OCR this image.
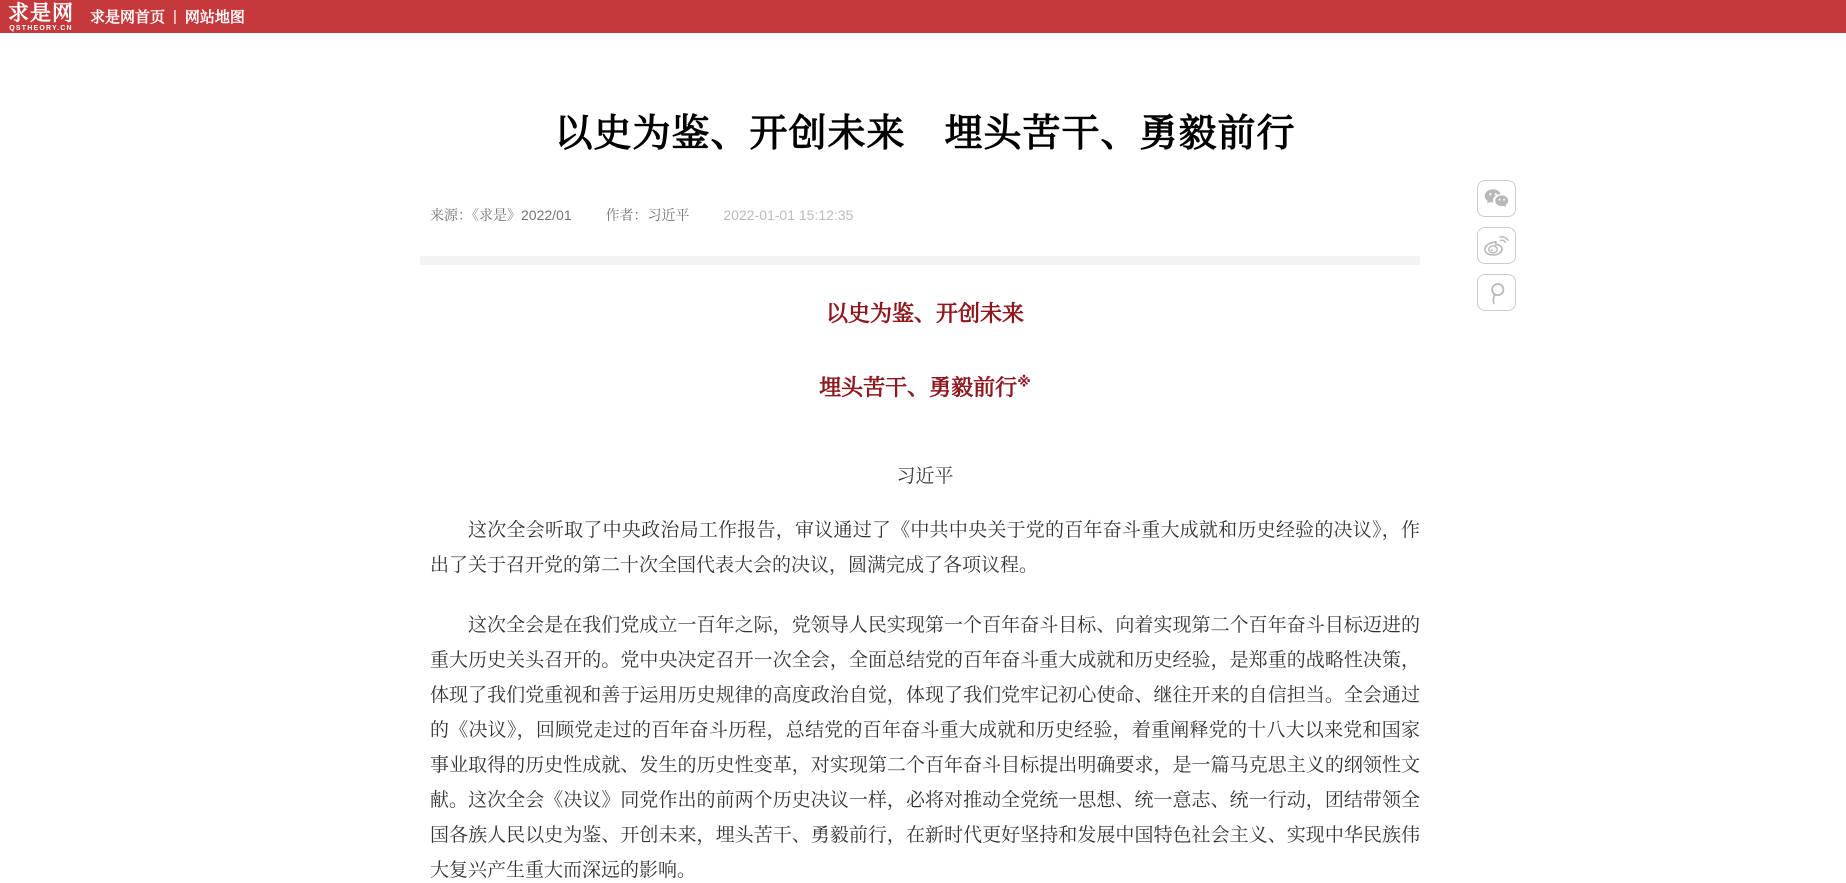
求是网
QSTHEORY.CN
求是网首页 | 网站地图
以史为鉴、开创未来　埋头苦干、勇毅前行
来源：《求是》2022/01 作者：习近平 2022-01-01 15:12:35
以史为鉴、开创未来
埋头苦干、勇毅前行※
习近平

这次全会听取了中央政治局工作报告，审议通过了《中共中央关于党的百年奋斗重大成就和历史经验的决议》，作出了关于召开党的第二十次全国代表大会的决议，圆满完成了各项议程。

这次全会是在我们党成立一百年之际，党领导人民实现第一个百年奋斗目标、向着实现第二个百年奋斗目标迈进的重大历史关头召开的。党中央决定召开一次全会，全面总结党的百年奋斗重大成就和历史经验，是郑重的战略性决策，体现了我们党重视和善于运用历史规律的高度政治自觉，体现了我们党牢记初心使命、继往开来的自信担当。全会通过的《决议》，回顾党走过的百年奋斗历程，总结党的百年奋斗重大成就和历史经验，着重阐释党的十八大以来党和国家事业取得的历史性成就、发生的历史性变革，对实现第二个百年奋斗目标提出明确要求，是一篇马克思主义的纲领性文献。这次全会《决议》同党作出的前两个历史决议一样，必将对推动全党统一思想、统一意志、统一行动，团结带领全国各族人民以史为鉴、开创未来，埋头苦干、勇毅前行，在新时代更好坚持和发展中国特色社会主义、实现中华民族伟大复兴产生重大而深远的影响。
